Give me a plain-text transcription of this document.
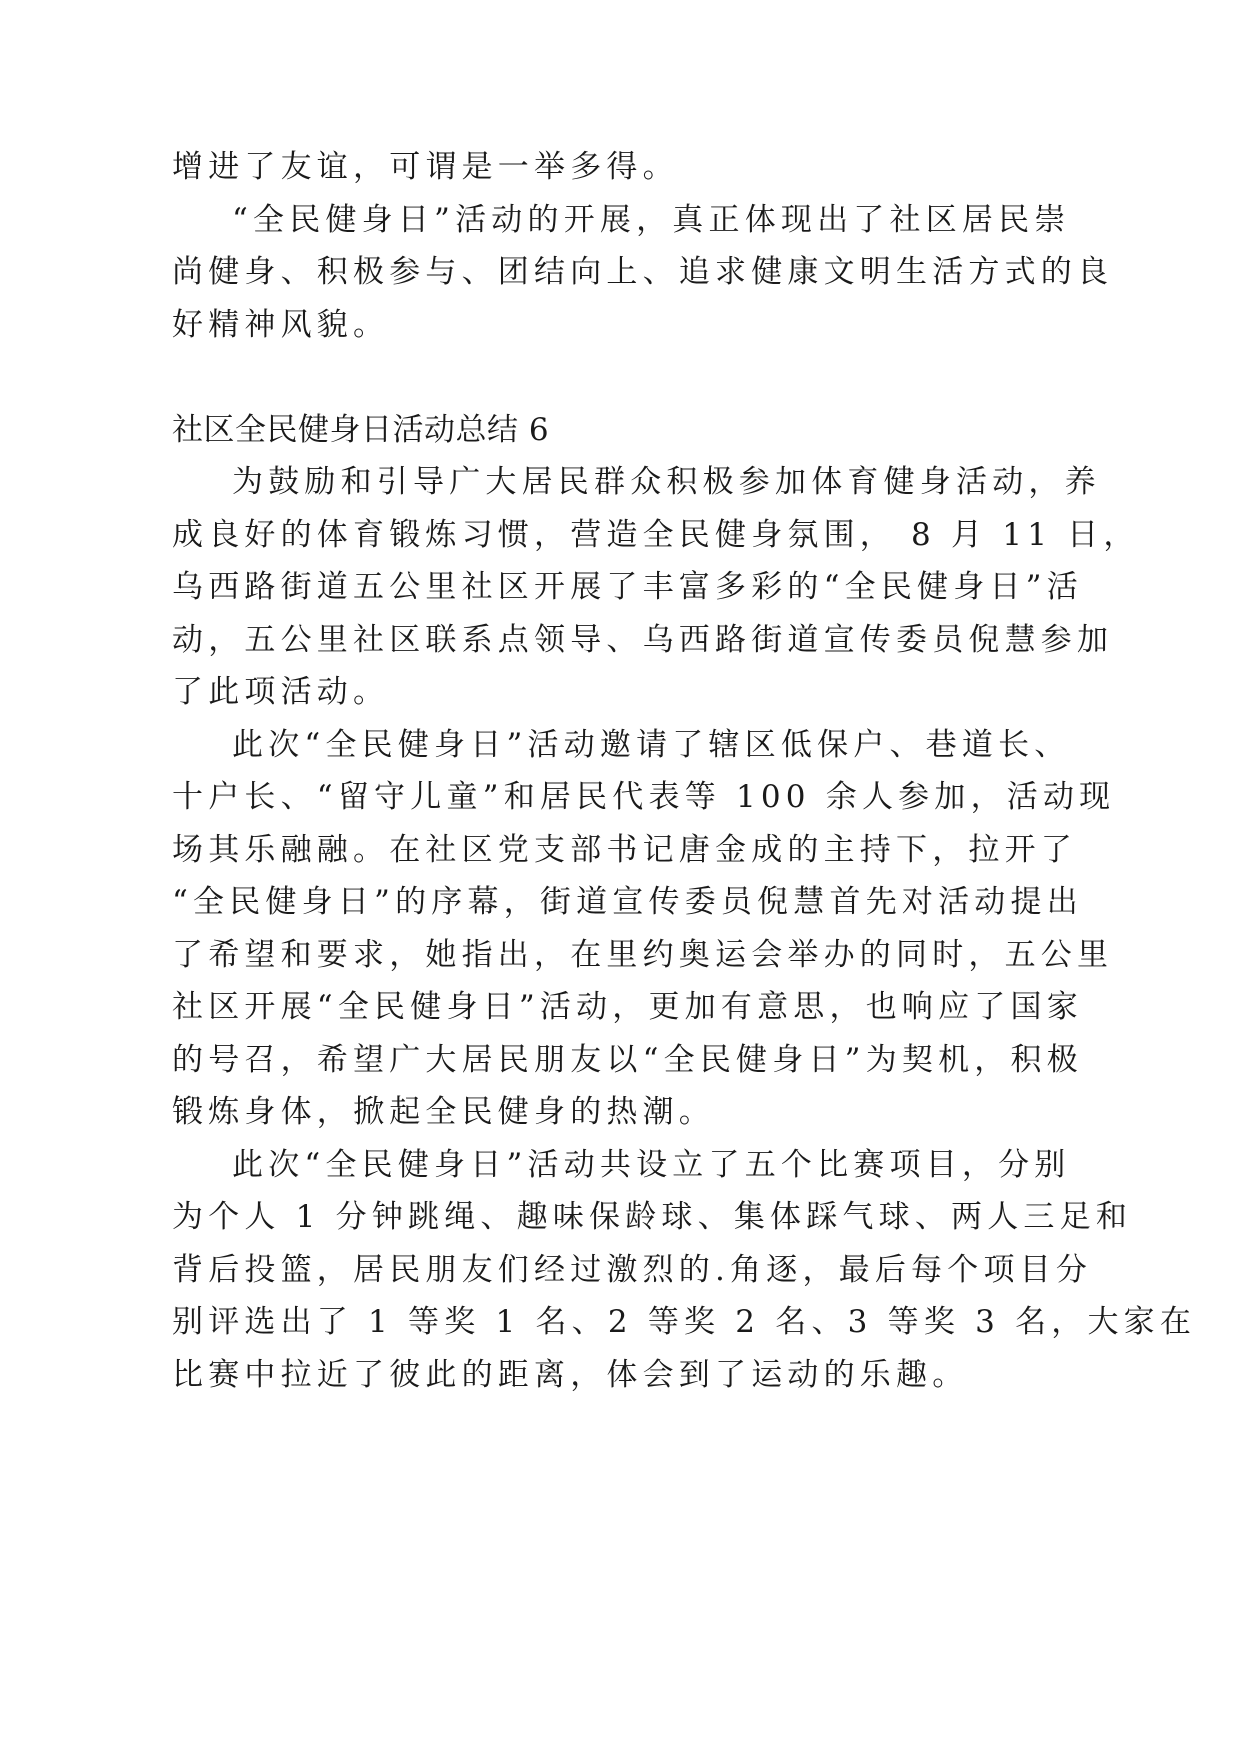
增进了友谊，可谓是一举多得。
“全民健身日”活动的开展，真正体现出了社区居民崇
尚健身、积极参与、团结向上、追求健康文明生活方式的良
好精神风貌。
社区全民健身日活动总结 6
为鼓励和引导广大居民群众积极参加体育健身活动，养
成良好的体育锻炼习惯，营造全民健身氛围， 8 月 11 日，
乌西路街道五公里社区开展了丰富多彩的“全民健身日”活
动，五公里社区联系点领导、乌西路街道宣传委员倪慧参加
了此项活动。
此次“全民健身日”活动邀请了辖区低保户、巷道长、
十户长、“留守儿童”和居民代表等 100 余人参加，活动现
场其乐融融。在社区党支部书记唐金成的主持下，拉开了
“全民健身日”的序幕，街道宣传委员倪慧首先对活动提出
了希望和要求，她指出，在里约奥运会举办的同时，五公里
社区开展“全民健身日”活动，更加有意思，也响应了国家
的号召，希望广大居民朋友以“全民健身日”为契机，积极
锻炼身体，掀起全民健身的热潮。
此次“全民健身日”活动共设立了五个比赛项目，分别
为个人 1 分钟跳绳、趣味保龄球、集体踩气球、两人三足和
背后投篮，居民朋友们经过激烈的.角逐，最后每个项目分
别评选出了 1 等奖 1 名、2 等奖 2 名、3 等奖 3 名，大家在
比赛中拉近了彼此的距离，体会到了运动的乐趣。
